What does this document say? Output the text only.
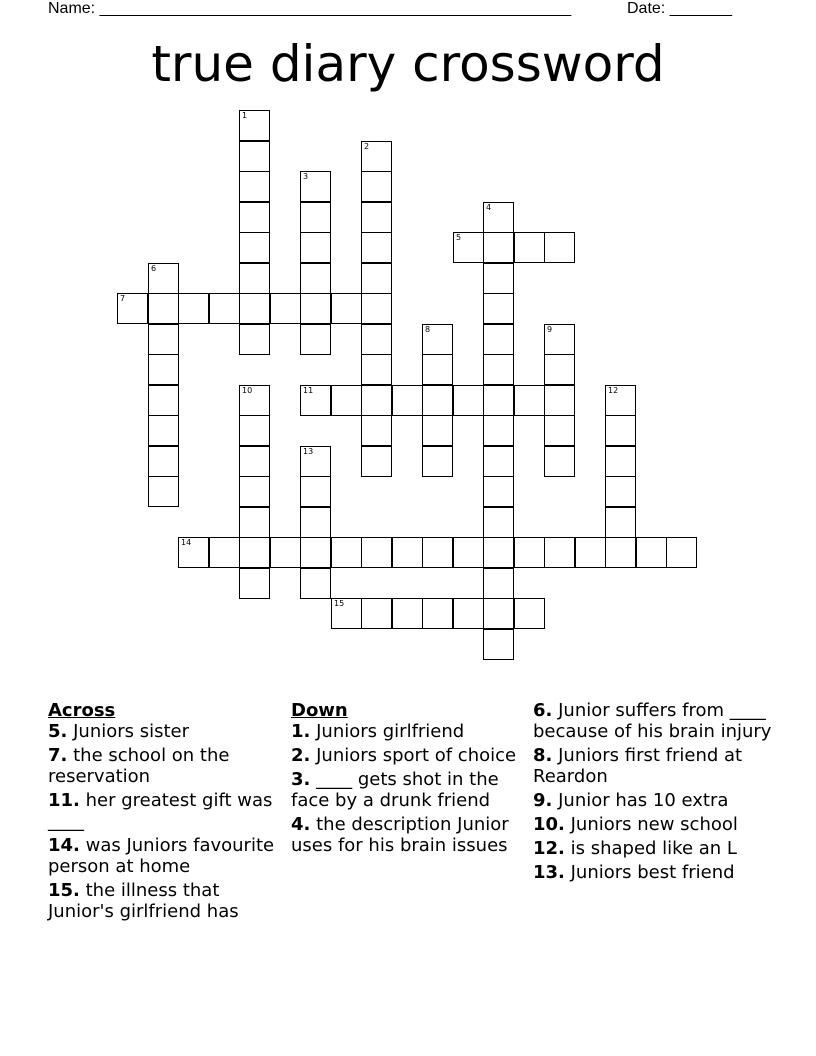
Name: _____________________________________________________	Date: _______
true diary crossword
1
2
3
4
5
6
7
8	9
10	11	12
13
14
15
Across
5. Juniors sister
7. the school on the reservation
11. her greatest gift was ____
14. was Juniors favourite person at home
15. the illness that Junior's girlfriend has
Down
1. Juniors girlfriend
2. Juniors sport of choice
3. ____ gets shot in the face by a drunk friend
4. the description Junior uses for his brain issues
6. Junior suffers from ____ because of his brain injury
8. Juniors first friend at Reardon
9. Junior has 10 extra
10. Juniors new school
12. is shaped like an L
13. Juniors best friend
